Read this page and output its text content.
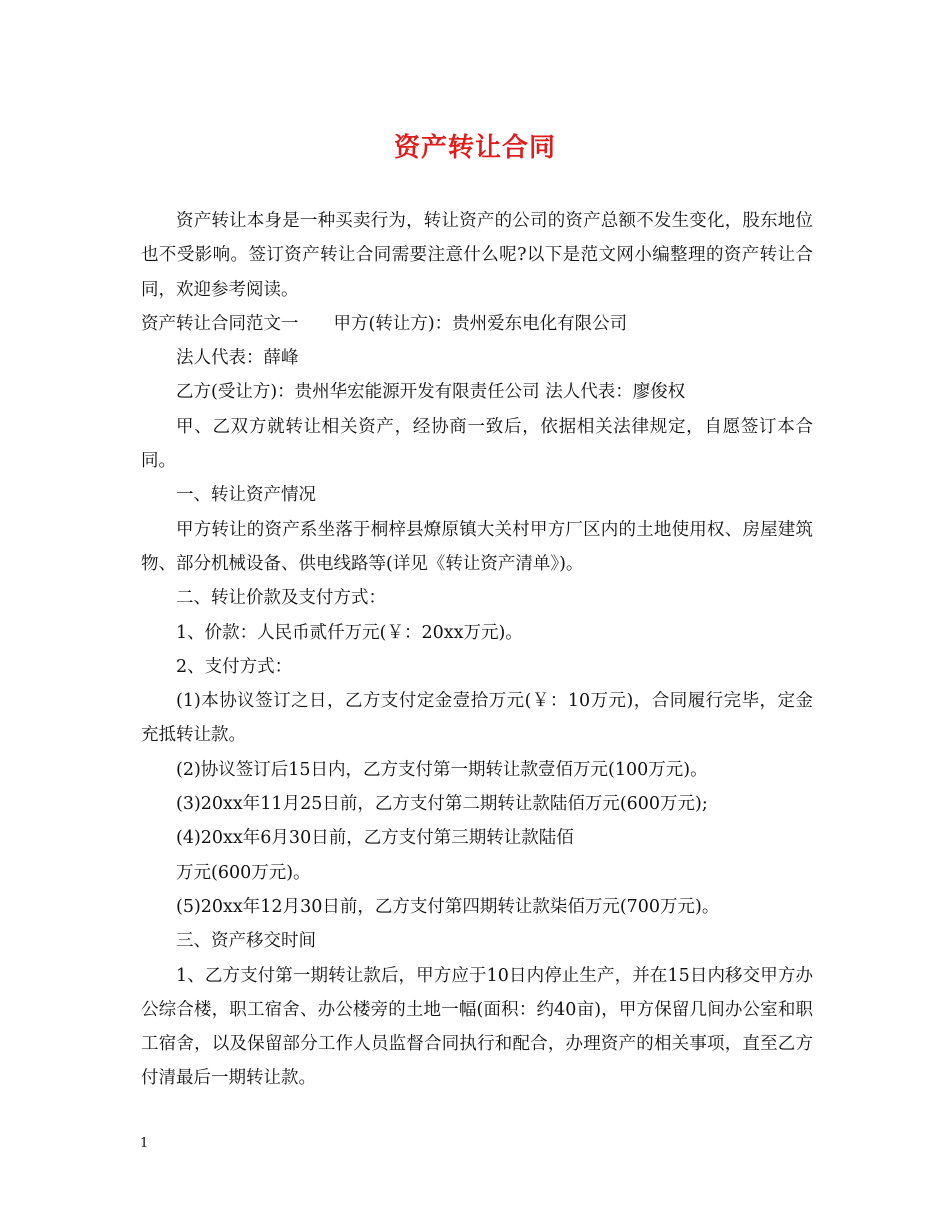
资产转让合同

资产转让本身是一种买卖行为，转让资产的公司的资产总额不发生变化，股东地位也不受影响。签订资产转让合同需要注意什么呢?以下是范文网小编整理的资产转让合同，欢迎参考阅读。

资产转让合同范文一　　甲方(转让方)：贵州爱东电化有限公司

法人代表：薛峰

乙方(受让方)：贵州华宏能源开发有限责任公司 法人代表：廖俊权

甲、乙双方就转让相关资产，经协商一致后，依据相关法律规定，自愿签订本合同。

一、转让资产情况

甲方转让的资产系坐落于桐梓县燎原镇大关村甲方厂区内的土地使用权、房屋建筑物、部分机械设备、供电线路等(详见《转让资产清单》)。

二、转让价款及支付方式：

1、价款：人民币贰仟万元(￥：20xx万元)。

2、支付方式：

(1)本协议签订之日，乙方支付定金壹拾万元(￥：10万元)，合同履行完毕，定金充抵转让款。

(2)协议签订后15日内，乙方支付第一期转让款壹佰万元(100万元)。

(3)20xx年11月25日前，乙方支付第二期转让款陆佰万元(600万元);

(4)20xx年6月30日前，乙方支付第三期转让款陆佰

万元(600万元)。

(5)20xx年12月30日前，乙方支付第四期转让款柒佰万元(700万元)。

三、资产移交时间

1、乙方支付第一期转让款后，甲方应于10日内停止生产，并在15日内移交甲方办公综合楼，职工宿舍、办公楼旁的土地一幅(面积：约40亩)，甲方保留几间办公室和职工宿舍，以及保留部分工作人员监督合同执行和配合，办理资产的相关事项，直至乙方付清最后一期转让款。

1
